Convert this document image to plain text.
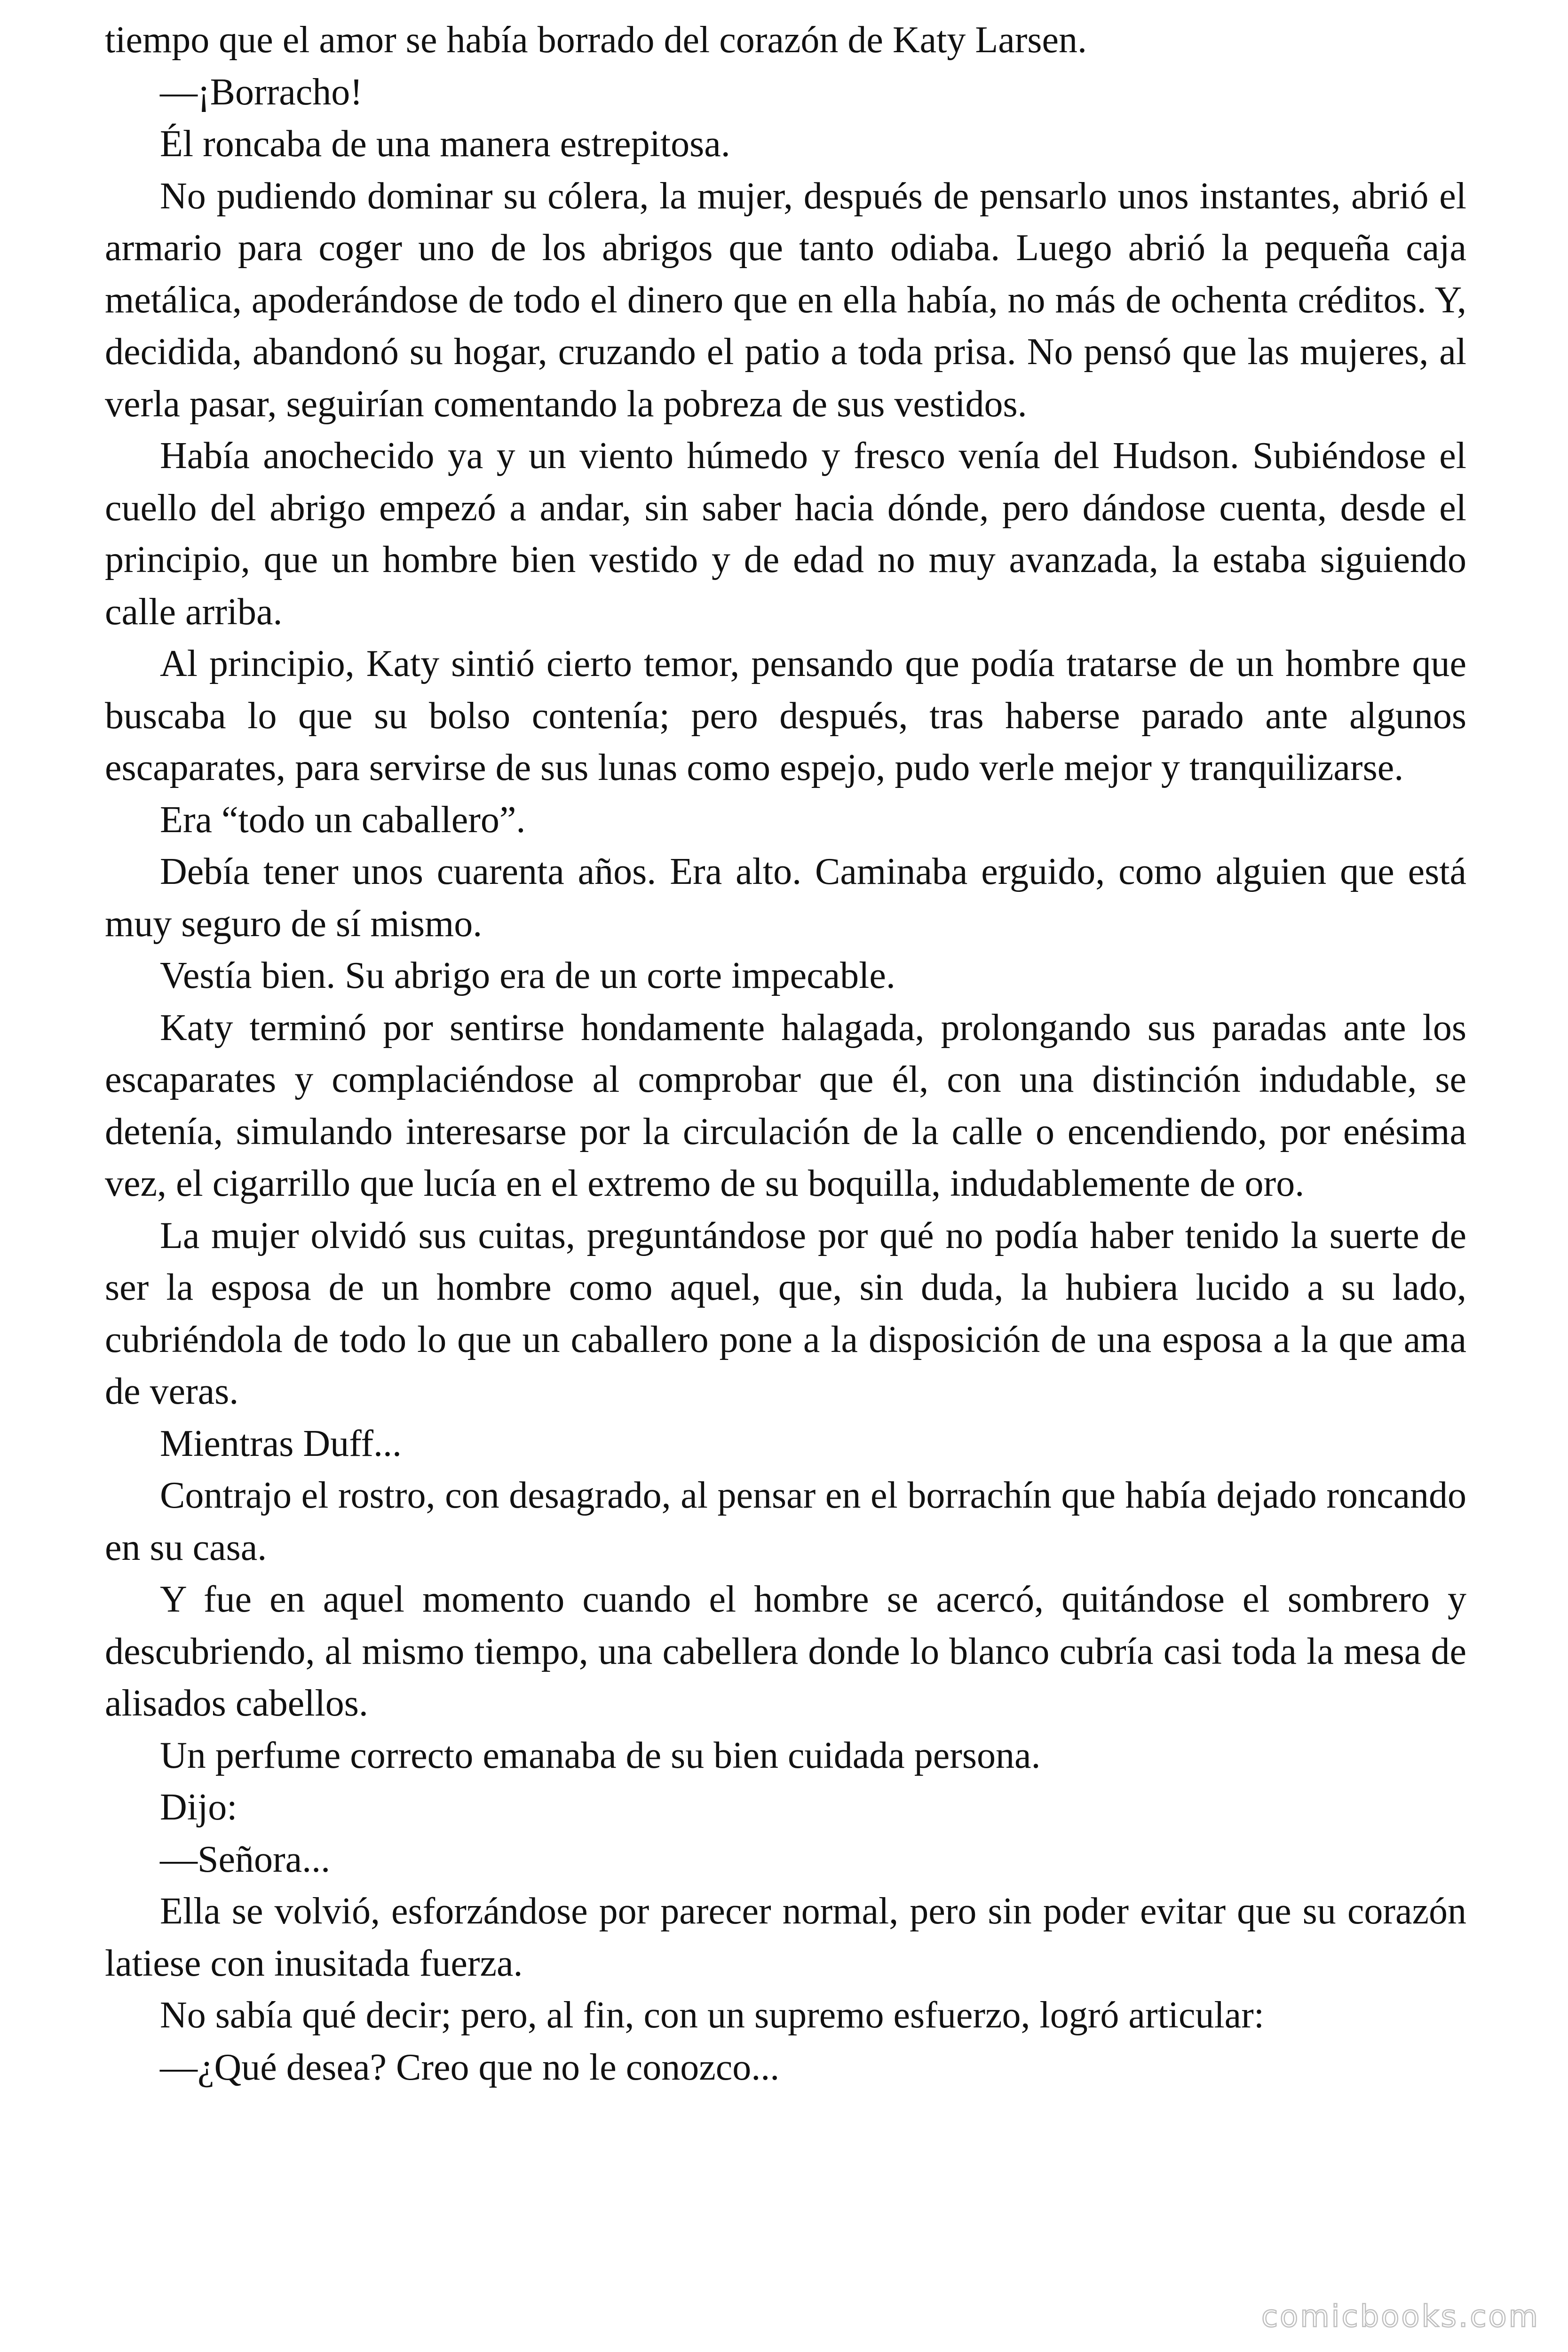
tiempo que el amor se había borrado del corazón de Katy Larsen.

—¡Borracho!

Él roncaba de una manera estrepitosa.

No pudiendo dominar su cólera, la mujer, después de pensarlo unos instantes, abrió el armario para coger uno de los abrigos que tanto odiaba. Luego abrió la pequeña caja metálica, apoderándose de todo el dinero que en ella había, no más de ochenta créditos. Y, decidida, abandonó su hogar, cruzando el patio a toda prisa. No pensó que las mujeres, al verla pasar, seguirían comentando la pobreza de sus vestidos.

Había anochecido ya y un viento húmedo y fresco venía del Hudson. Subiéndose el cuello del abrigo empezó a andar, sin saber hacia dónde, pero dándose cuenta, desde el principio, que un hombre bien vestido y de edad no muy avanzada, la estaba siguiendo calle arriba.

Al principio, Katy sintió cierto temor, pensando que podía tratarse de un hombre que buscaba lo que su bolso contenía; pero después, tras haberse parado ante algunos escaparates, para servirse de sus lunas como espejo, pudo verle mejor y tranquilizarse.

Era “todo un caballero”.

Debía tener unos cuarenta años. Era alto. Caminaba erguido, como alguien que está muy seguro de sí mismo.

Vestía bien. Su abrigo era de un corte impecable.

Katy terminó por sentirse hondamente halagada, prolongando sus paradas ante los escaparates y complaciéndose al comprobar que él, con una distinción indudable, se detenía, simulando interesarse por la circulación de la calle o encendiendo, por enésima vez, el cigarrillo que lucía en el extremo de su boquilla, indudablemente de oro.

La mujer olvidó sus cuitas, preguntándose por qué no podía haber tenido la suerte de ser la esposa de un hombre como aquel, que, sin duda, la hubiera lucido a su lado, cubriéndola de todo lo que un caballero pone a la disposición de una esposa a la que ama de veras.

Mientras Duff...

Contrajo el rostro, con desagrado, al pensar en el borrachín que había dejado roncando en su casa.

Y fue en aquel momento cuando el hombre se acercó, quitándose el sombrero y descubriendo, al mismo tiempo, una cabellera donde lo blanco cubría casi toda la mesa de alisados cabellos.

Un perfume correcto emanaba de su bien cuidada persona.

Dijo:

—Señora...

Ella se volvió, esforzándose por parecer normal, pero sin poder evitar que su corazón latiese con inusitada fuerza.

No sabía qué decir; pero, al fin, con un supremo esfuerzo, logró articular:

—¿Qué desea? Creo que no le conozco...

comicbooks.com
